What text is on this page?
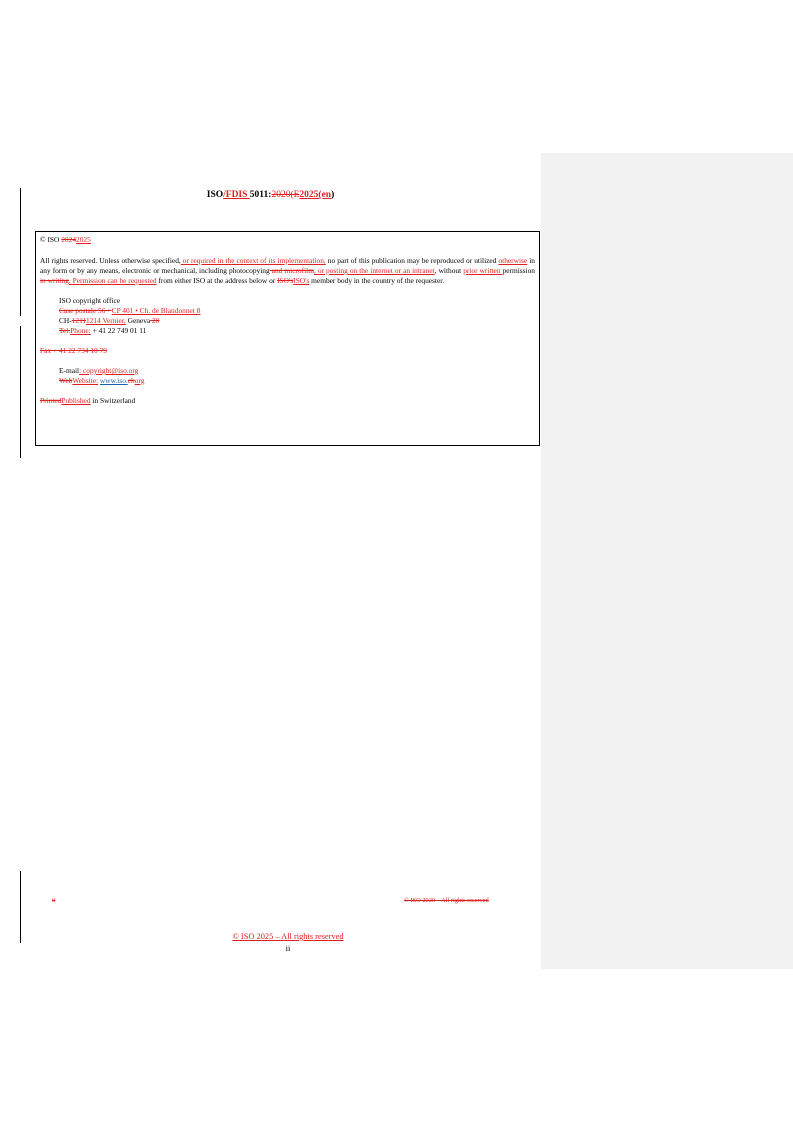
ISO/FDIS 5011:2020(E2025(en)

© ISO 20242025

All rights reserved. Unless otherwise specified, or required in the context of its implementation, no part of this publication may be reproduced or utilized otherwise in any form or by any means, electronic or mechanical, including photocopying and microfilm, or posting on the internet or an intranet, without prior written permission in writing. Permission can be requested from either ISO at the address below or ISO'sISO's member body in the country of the requester.

ISO copyright office

Case postale 56 • CP 401 • Ch. de Blandonnet 8

CH-12111214 Vernier, Geneva 20

Tel.Phone: + 41 22 749 01 11

Fax + 41 22 734 10 79

E-mail: copyright@iso.org

WebWebsite: www.iso.chorg

PrintedPublished in Switzerland

ii	© ISO 2020 – All rights reserved
© ISO 2025 – All rights reserved
ii
